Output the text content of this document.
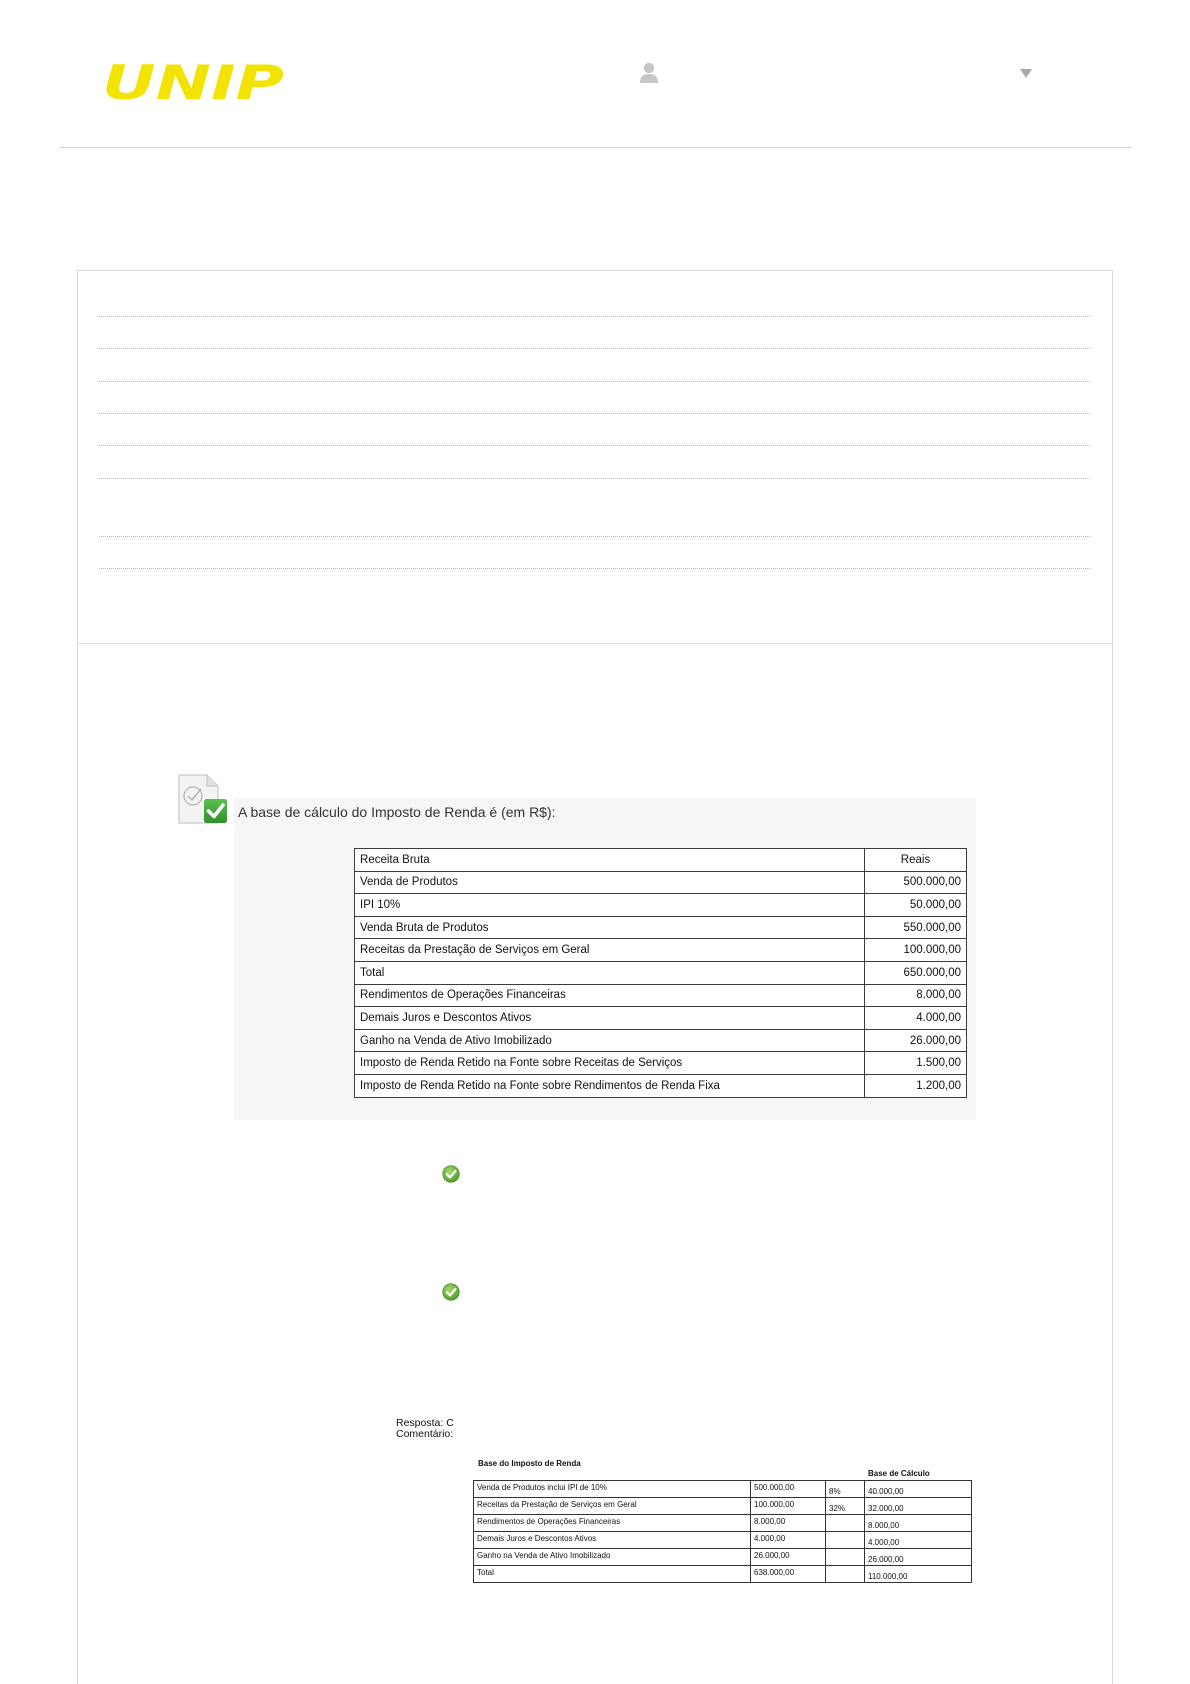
UNIP
A base de cálculo do Imposto de Renda é (em R$):
Receita Bruta	Reais
Venda de Produtos	500.000,00
IPI 10%	50.000,00
Venda Bruta de Produtos	550.000,00
Receitas da Prestação de Serviços em Geral	100.000,00
Total	650.000,00
Rendimentos de Operações Financeiras	8.000,00
Demais Juros e Descontos Ativos	4.000,00
Ganho na Venda de Ativo Imobilizado	26.000,00
Imposto de Renda Retido na Fonte sobre Receitas de Serviços	1.500,00
Imposto de Renda Retido na Fonte sobre Rendimentos de Renda Fixa	1.200,00
Resposta: C
Comentário:
Base do Imposto de Renda
Base de Cálculo
Venda de Produtos inclui IPI de 10%	500.000,00	8%	40.000,00
Receitas da Prestação de Serviços em Geral	100.000,00	32%	32.000,00
Rendimentos de Operações Financeiras	8.000,00		8.000,00
Demais Juros e Descontos Ativos	4.000,00		4.000,00
Ganho na Venda de Ativo Imobilizado	26.000,00		26.000,00
Total	638.000,00		110.000,00
